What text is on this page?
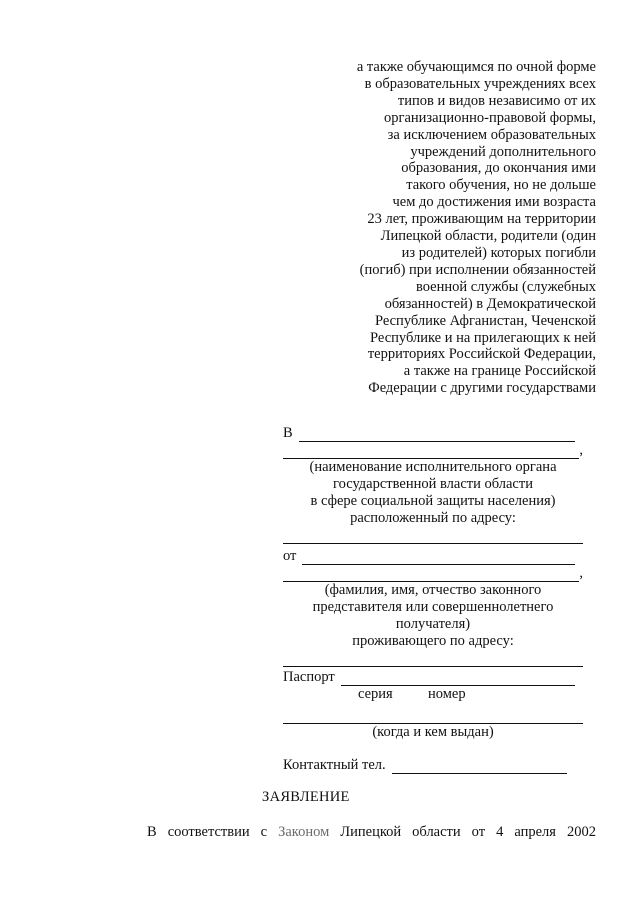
а также обучающимся по очной форме
в образовательных учреждениях всех
типов и видов независимо от их
организационно-правовой формы,
за исключением образовательных
учреждений дополнительного
образования, до окончания ими
такого обучения, но не дольше
чем до достижения ими возраста
23 лет, проживающим на территории
Липецкой области, родители (один
из родителей) которых погибли
(погиб) при исполнении обязанностей
военной службы (служебных
обязанностей) в Демократической
Республике Афганистан, Чеченской
Республике и на прилегающих к ней
территориях Российской Федерации,
а также на границе Российской
Федерации с другими государствами
В
,
(наименование исполнительного органа
государственной власти области
в сфере социальной защиты населения)
расположенный по адресу:
от
,
(фамилия, имя, отчество законного
представителя или совершеннолетнего
получателя)
проживающего по адресу:
Паспорт
серия номер
(когда и кем выдан)
Контактный тел.
ЗАЯВЛЕНИЕ
В соответствии с Законом Липецкой области от 4 апреля 2002
